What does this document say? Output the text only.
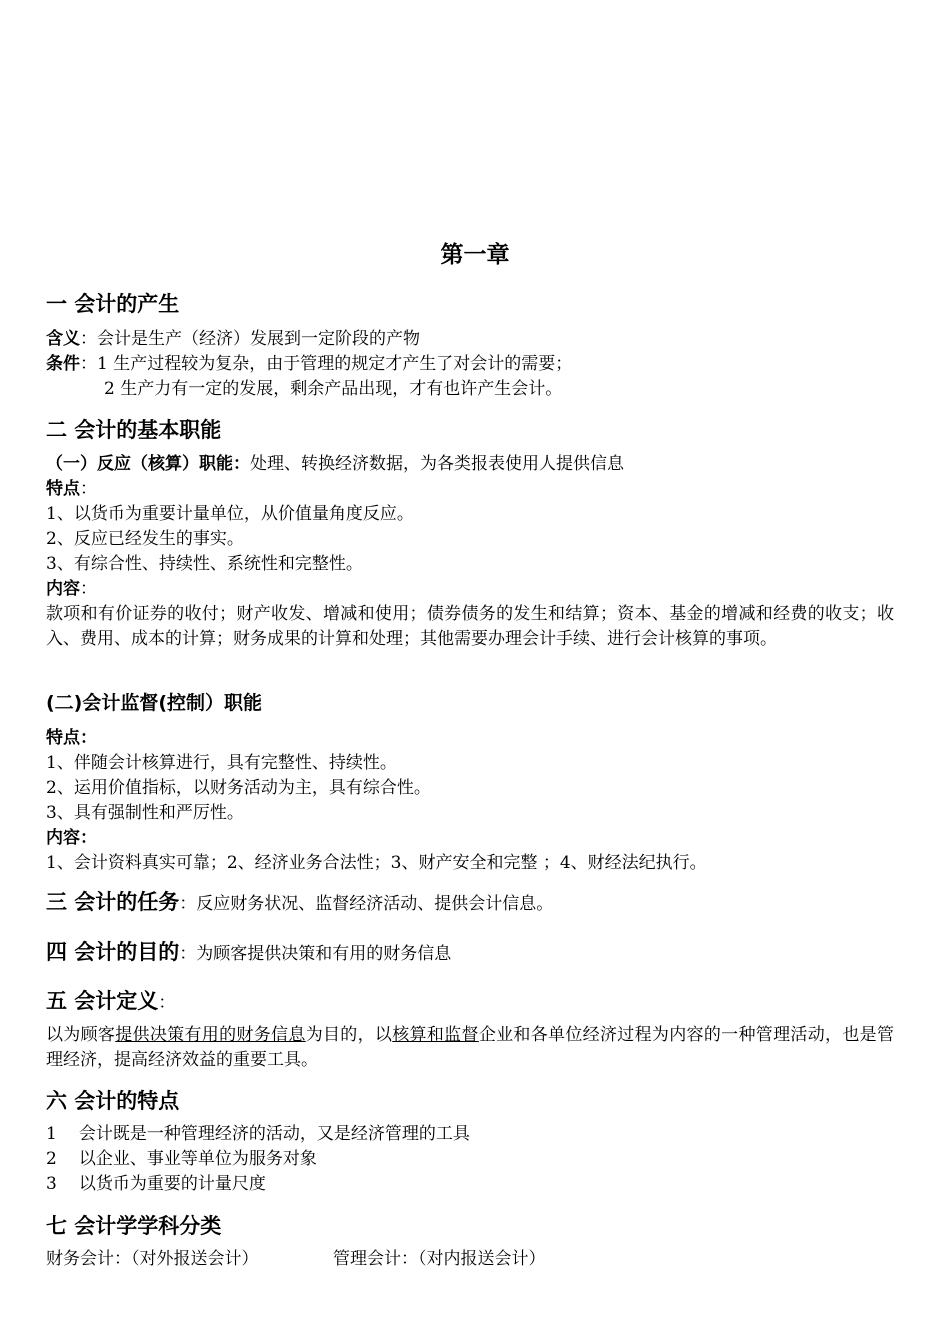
第一章
一 会计的产生
含义：会计是生产（经济）发展到一定阶段的产物
条件：1 生产过程较为复杂，由于管理的规定才产生了对会计的需要；
2 生产力有一定的发展，剩余产品出现，才有也许产生会计。
二 会计的基本职能
（一）反应（核算）职能：处理、转换经济数据，为各类报表使用人提供信息
特点：
1、以货币为重要计量单位，从价值量角度反应。
2、反应已经发生的事实。
3、有综合性、持续性、系统性和完整性。
内容：
款项和有价证券的收付；财产收发、增减和使用；债券债务的发生和结算；资本、基金的增减和经费的收支；收入、费用、成本的计算；财务成果的计算和处理；其他需要办理会计手续、进行会计核算的事项。
(二)会计监督(控制）职能
特点：
1、伴随会计核算进行，具有完整性、持续性。
2、运用价值指标，以财务活动为主，具有综合性。
3、具有强制性和严厉性。
内容：
1、会计资料真实可靠；2、经济业务合法性；3、财产安全和完整 ；4、财经法纪执行。
三 会计的任务：反应财务状况、监督经济活动、提供会计信息。
四 会计的目的：为顾客提供决策和有用的财务信息
五 会计定义：
以为顾客提供决策有用的财务信息为目的，以核算和监督企业和各单位经济过程为内容的一种管理活动，也是管理经济，提高经济效益的重要工具。
六 会计的特点
1 会计既是一种管理经济的活动，又是经济管理的工具
2 以企业、事业等单位为服务对象
3 以货币为重要的计量尺度
七 会计学学科分类
财务会计：（对外报送会计）	管理会计：（对内报送会计）
